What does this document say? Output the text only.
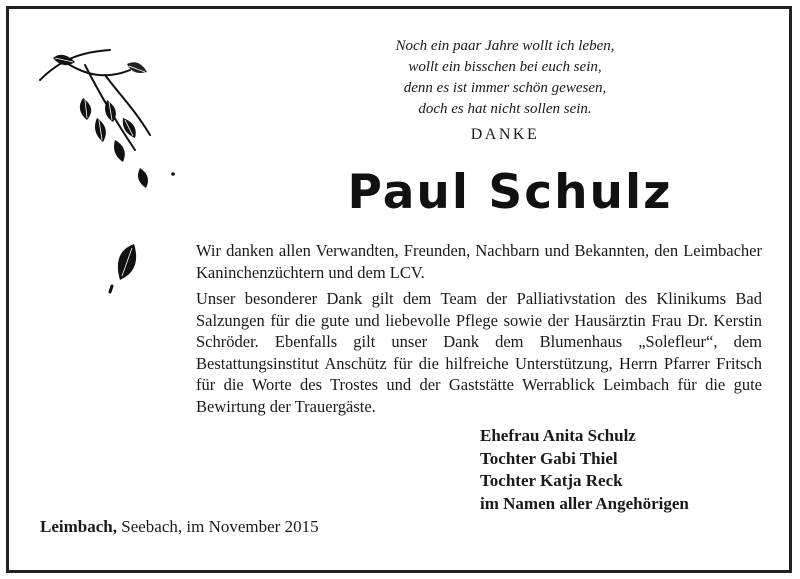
Noch ein paar Jahre wollt ich leben,
wollt ein bisschen bei euch sein,
denn es ist immer schön gewesen,
doch es hat nicht sollen sein.
DANKE
Paul Schulz

Wir danken allen Verwandten, Freunden, Nachbarn und Bekannten, den Leimbacher Kaninchenzüchtern und dem LCV.

Unser besonderer Dank gilt dem Team der Palliativstation des Klinikums Bad Salzungen für die gute und liebevolle Pflege sowie der Hausärztin Frau Dr. Kerstin Schröder. Ebenfalls gilt unser Dank dem Blumenhaus „Solefleur“, dem Bestattungsinstitut Anschütz für die hilfreiche Unterstützung, Herrn Pfarrer Fritsch für die Worte des Trostes und der Gaststätte Werrablick Leimbach für die gute Bewirtung der Trauergäste.

Ehefrau Anita Schulz
Tochter Gabi Thiel
Tochter Katja Reck
im Namen aller Angehörigen
Leimbach, Seebach, im November 2015
